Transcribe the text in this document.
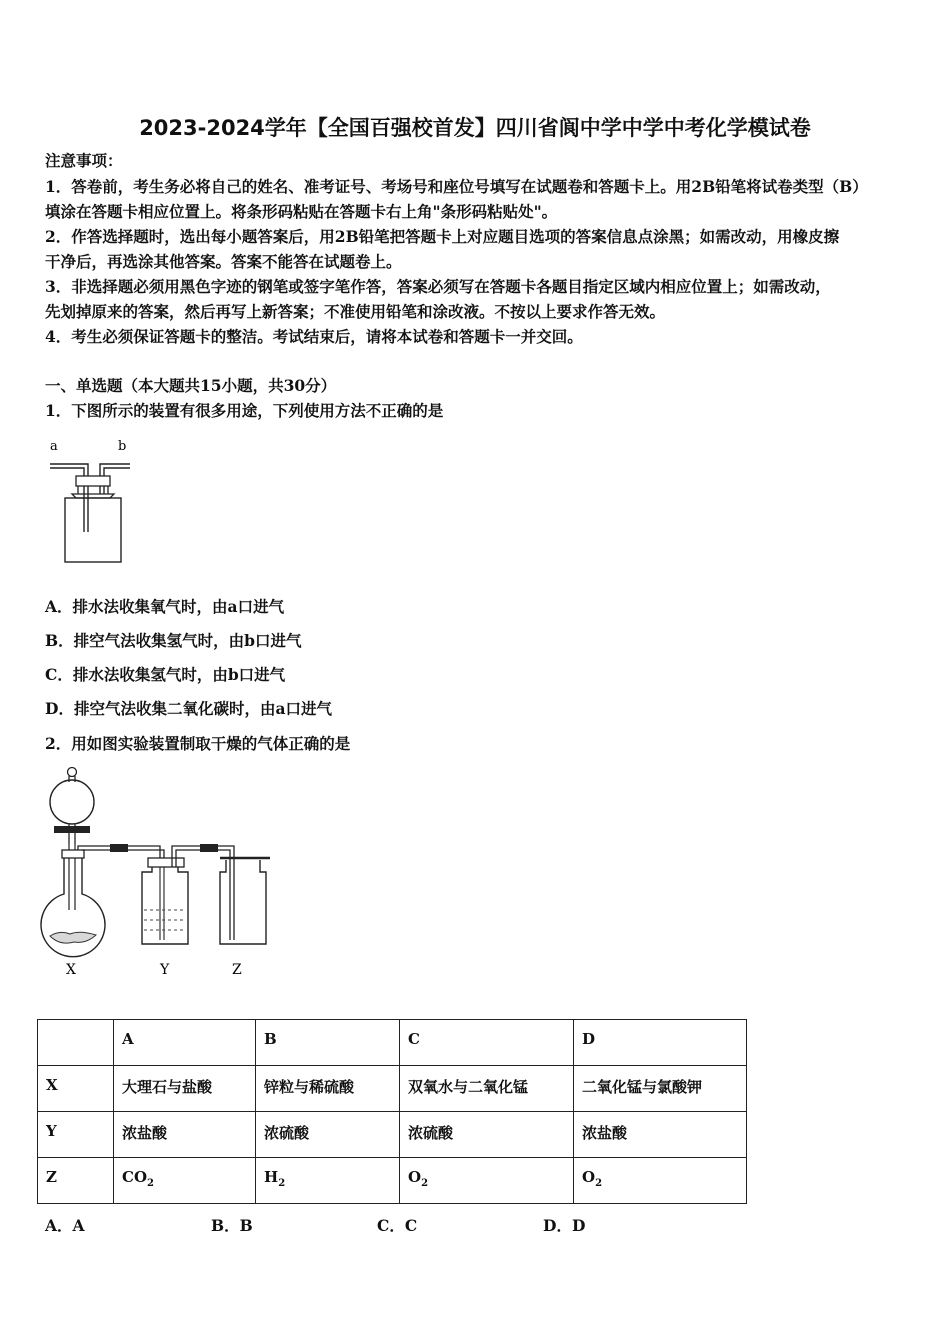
2023-2024学年【全国百强校首发】四川省阆中学中学中考化学模试卷
注意事项：
1．答卷前，考生务必将自己的姓名、准考证号、考场号和座位号填写在试题卷和答题卡上。用2B铅笔将试卷类型（B）
填涂在答题卡相应位置上。将条形码粘贴在答题卡右上角"条形码粘贴处"。
2．作答选择题时，选出每小题答案后，用2B铅笔把答题卡上对应题目选项的答案信息点涂黑；如需改动，用橡皮擦
干净后，再选涂其他答案。答案不能答在试题卷上。
3．非选择题必须用黑色字迹的钢笔或签字笔作答，答案必须写在答题卡各题目指定区域内相应位置上；如需改动，
先划掉原来的答案，然后再写上新答案；不准使用铅笔和涂改液。不按以上要求作答无效。
4．考生必须保证答题卡的整洁。考试结束后，请将本试卷和答题卡一并交回。
一、单选题（本大题共15小题，共30分）
1．下图所示的装置有很多用途，下列使用方法不正确的是
a	b
A．排水法收集氧气时，由a口进气
B．排空气法收集氢气时，由b口进气
C．排水法收集氢气时，由b口进气
D．排空气法收集二氧化碳时，由a口进气
2．用如图实验装置制取干燥的气体正确的是
X	Y	Z
	A	B	C	D
X	大理石与盐酸	锌粒与稀硫酸	双氧水与二氧化锰	二氧化锰与氯酸钾
Y	浓盐酸	浓硫酸	浓硫酸	浓盐酸
Z	$CO_2$	$H_2$	$O_2$	$O_2$
A．A	B．B	C．C	D．D
